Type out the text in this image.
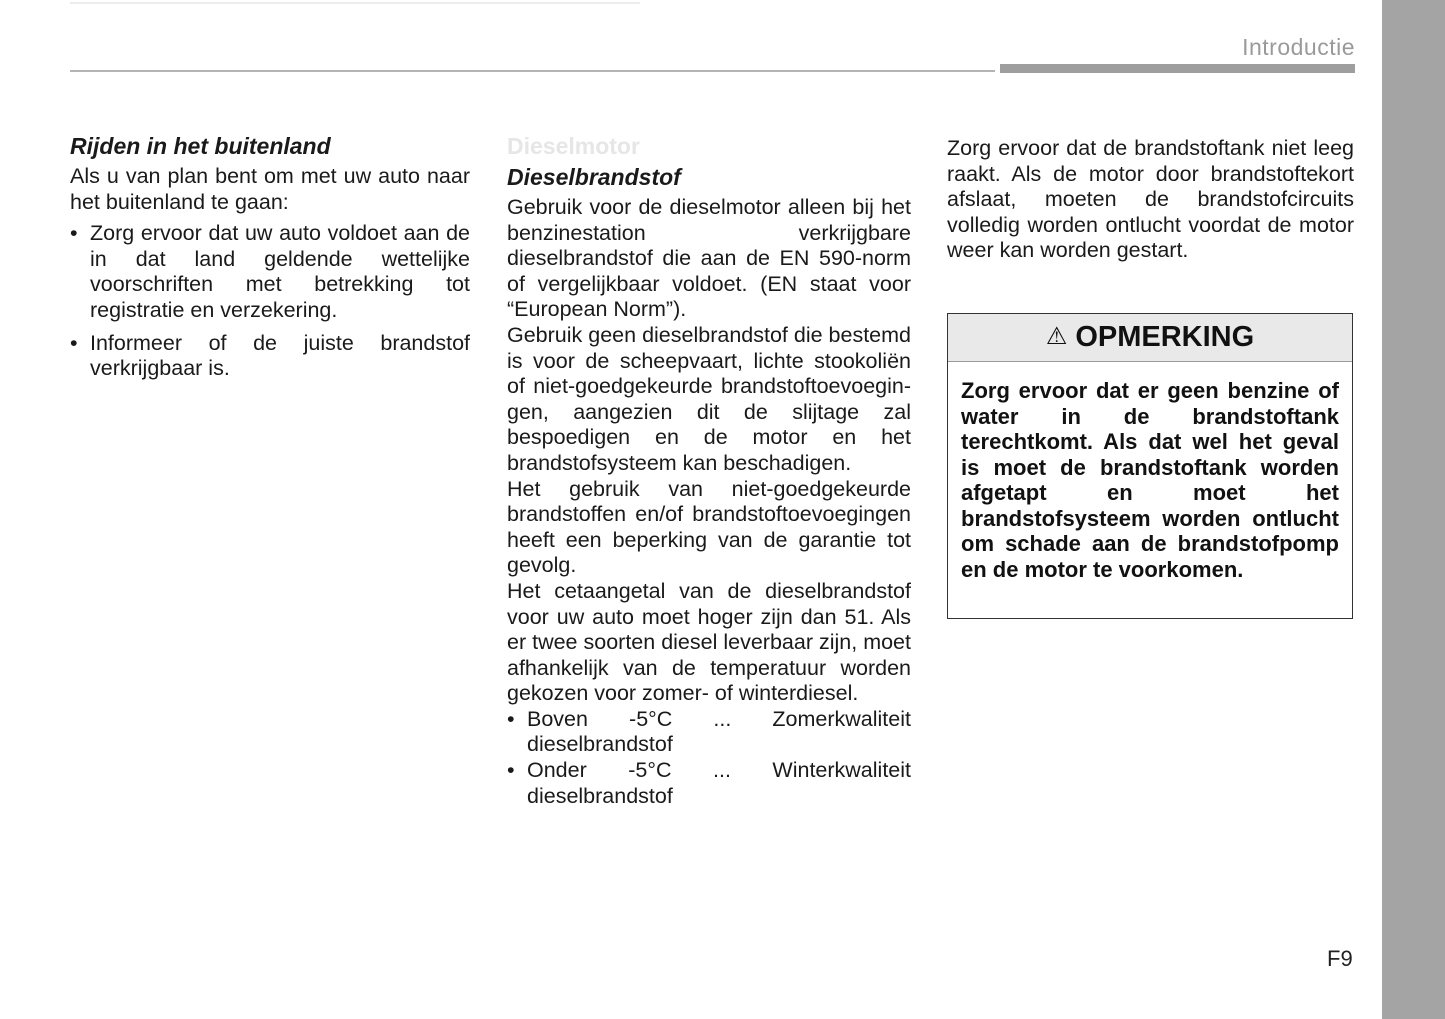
Introductie
Rijden in het buitenland

Als u van plan bent om met uw auto naar het buitenland te gaan:

• Zorg ervoor dat uw auto voldoet aan de in dat land geldende wettelijke voorschriften met betrekking tot registratie en verzekering.
• Informeer of de juiste brandstof verkrijgbaar is.
Dieselmotor
Dieselbrandstof

Gebruik voor de dieselmotor alleen bij het benzinestation verkrijgbare dieselbrandstof die aan de EN 590-norm of vergelijkbaar voldoet. (EN staat voor “European Norm”).

Gebruik geen dieselbrandstof die bestemd is voor de scheepvaart, lichte stookoliën of niet-goedgekeurde brandstoftoevoegin-gen, aangezien dit de slijtage zal bespoedigen en de motor en het brandstofsysteem kan beschadigen.

Het gebruik van niet-goedgekeurde brandstoffen en/of brandstoftoevoegingen heeft een beperking van de garantie tot gevolg.

Het cetaangetal van de dieselbrandstof voor uw auto moet hoger zijn dan 51. Als er twee soorten diesel leverbaar zijn, moet afhankelijk van de temperatuur worden gekozen voor zomer- of winterdiesel.

• Boven -5°C ... Zomerkwaliteit dieselbrandstof
• Onder -5°C ... Winterkwaliteit dieselbrandstof

Zorg ervoor dat de brandstoftank niet leeg raakt. Als de motor door brandstoftekort afslaat, moeten de brandstofcircuits volledig worden ontlucht voordat de motor weer kan worden gestart.

⚠ OPMERKING
Zorg ervoor dat er geen benzine of water in de brandstoftank terechtkomt. Als dat wel het geval is moet de brandstoftank worden afgetapt en moet het brandstofsysteem worden ontlucht om schade aan de brandstofpomp en de motor te voorkomen.
F9
